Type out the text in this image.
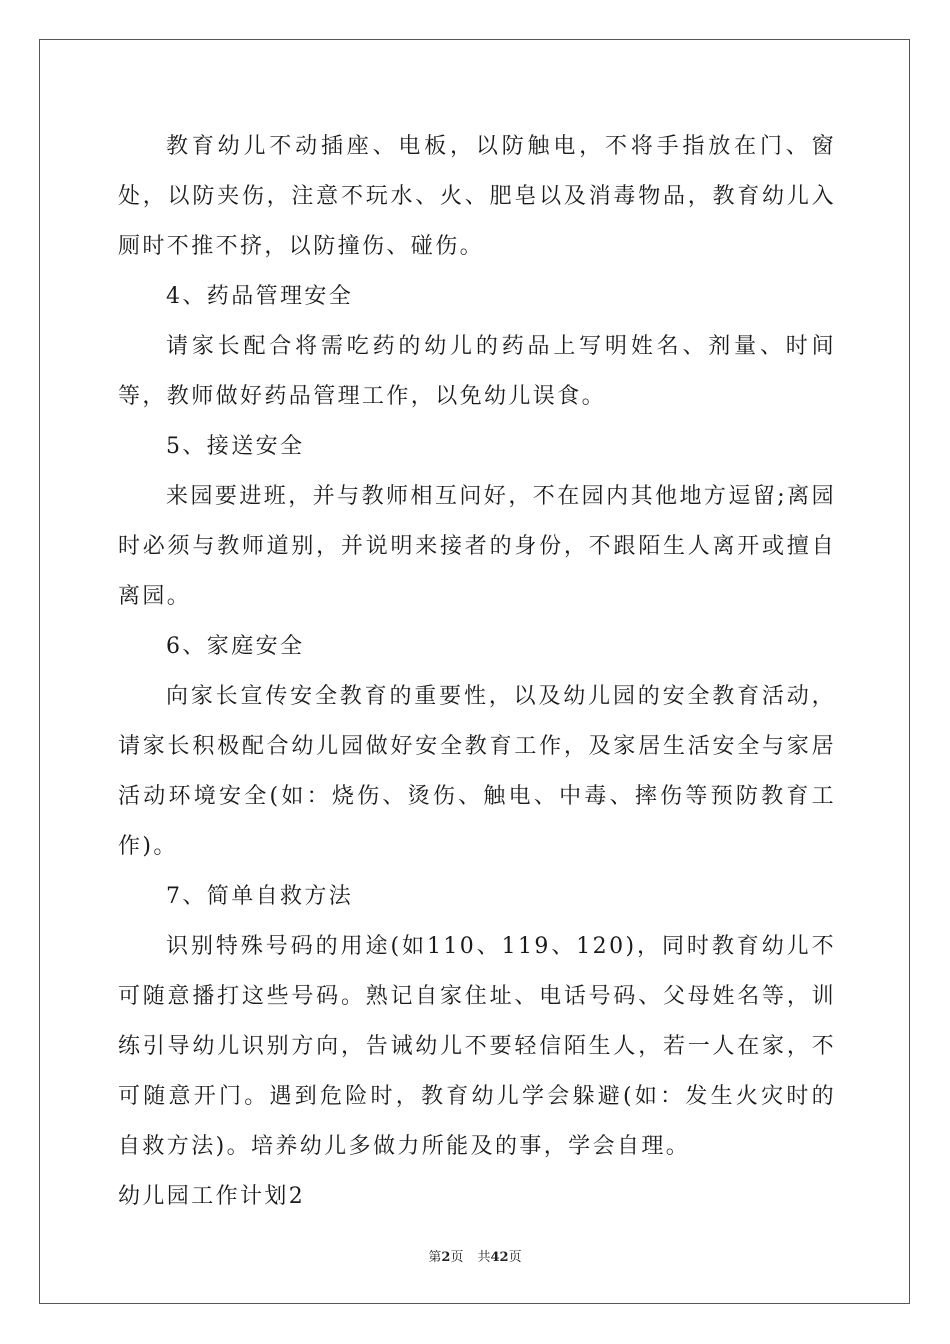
教育幼儿不动插座、电板，以防触电，不将手指放在门、窗处，以防夹伤，注意不玩水、火、肥皂以及消毒物品，教育幼儿入厕时不推不挤，以防撞伤、碰伤。

4、药品管理安全

请家长配合将需吃药的幼儿的药品上写明姓名、剂量、时间等，教师做好药品管理工作，以免幼儿误食。

5、接送安全

来园要进班，并与教师相互问好，不在园内其他地方逗留;离园时必须与教师道别，并说明来接者的身份，不跟陌生人离开或擅自离园。

6、家庭安全

向家长宣传安全教育的重要性，以及幼儿园的安全教育活动，请家长积极配合幼儿园做好安全教育工作，及家居生活安全与家居活动环境安全(如：烧伤、烫伤、触电、中毒、摔伤等预防教育工作)。

7、简单自救方法

识别特殊号码的用途(如110、119、120)，同时教育幼儿不可随意播打这些号码。熟记自家住址、电话号码、父母姓名等，训练引导幼儿识别方向，告诫幼儿不要轻信陌生人，若一人在家，不可随意开门。遇到危险时，教育幼儿学会躲避(如：发生火灾时的自救方法)。培养幼儿多做力所能及的事，学会自理。

幼儿园工作计划2

第2页 共42页
